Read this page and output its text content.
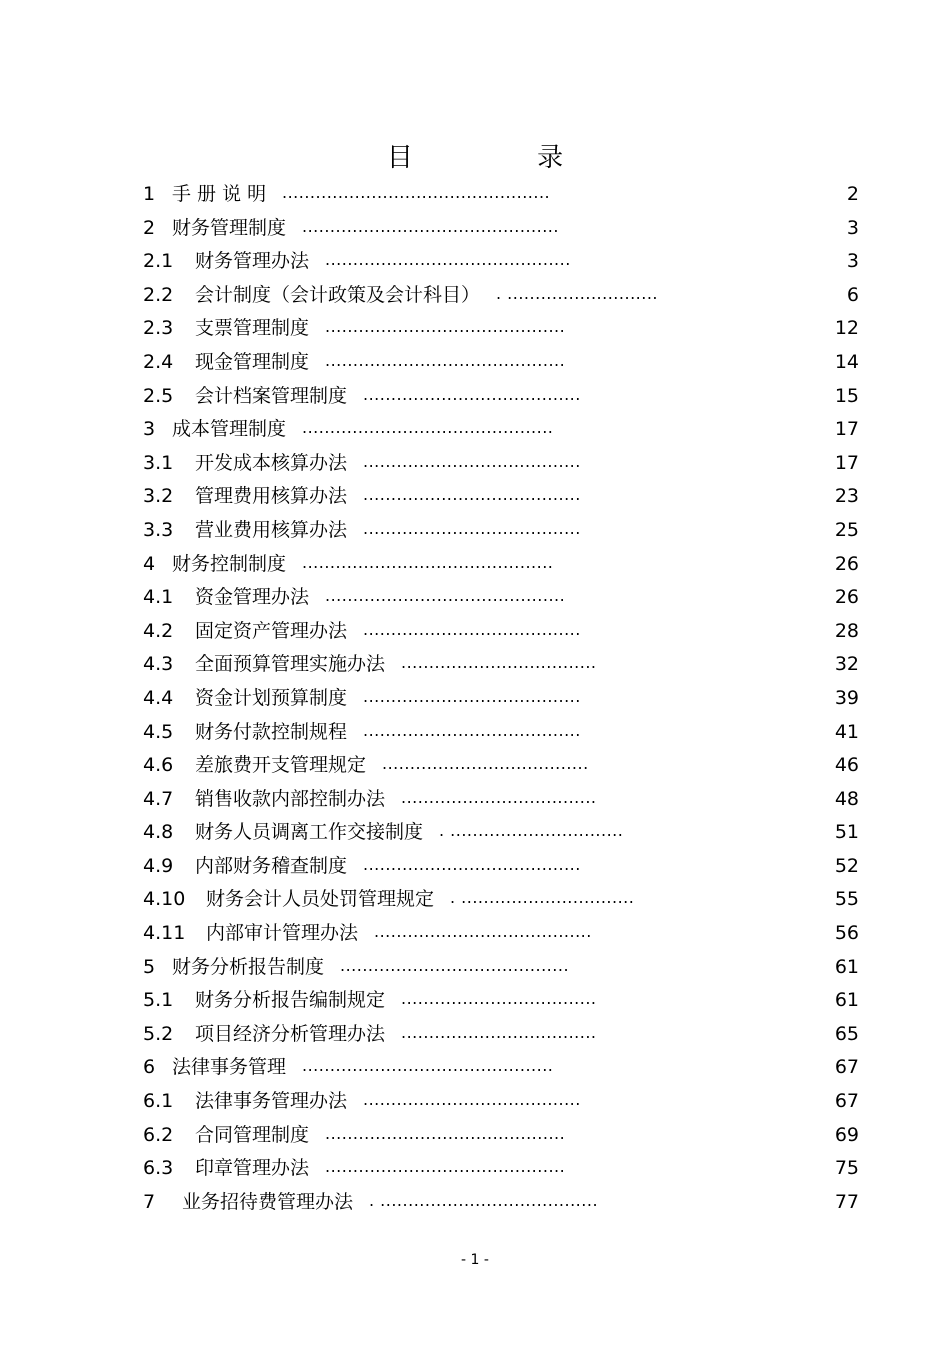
目 录
1 手 册 说 明 ................................................	2
2 财务管理制度 ..............................................	3
2.1 财务管理办法 ............................................	3
2.2 会计制度（会计政策及会计科目） . ...........................	6
2.3 支票管理制度 ...........................................	12
2.4 现金管理制度 ...........................................	14
2.5 会计档案管理制度 .......................................	15
3 成本管理制度 .............................................	17
3.1 开发成本核算办法 .......................................	17
3.2 管理费用核算办法 .......................................	23
3.3 营业费用核算办法 .......................................	25
4 财务控制制度 .............................................	26
4.1 资金管理办法 ...........................................	26
4.2 固定资产管理办法 .......................................	28
4.3 全面预算管理实施办法 ...................................	32
4.4 资金计划预算制度 .......................................	39
4.5 财务付款控制规程 .......................................	41
4.6 差旅费开支管理规定 .....................................	46
4.7 销售收款内部控制办法 ...................................	48
4.8 财务人员调离工作交接制度 . ...............................	51
4.9 内部财务稽查制度 .......................................	52
4.10 财务会计人员处罚管理规定 . ...............................	55
4.11 内部审计管理办法 .......................................	56
5 财务分析报告制度 .........................................	61
5.1 财务分析报告编制规定 ...................................	61
5.2 项目经济分析管理办法 ...................................	65
6 法律事务管理 .............................................	67
6.1 法律事务管理办法 .......................................	67
6.2 合同管理制度 ...........................................	69
6.3 印章管理办法 ...........................................	75
7 业务招待费管理办法 . .......................................	77
- 1 -
